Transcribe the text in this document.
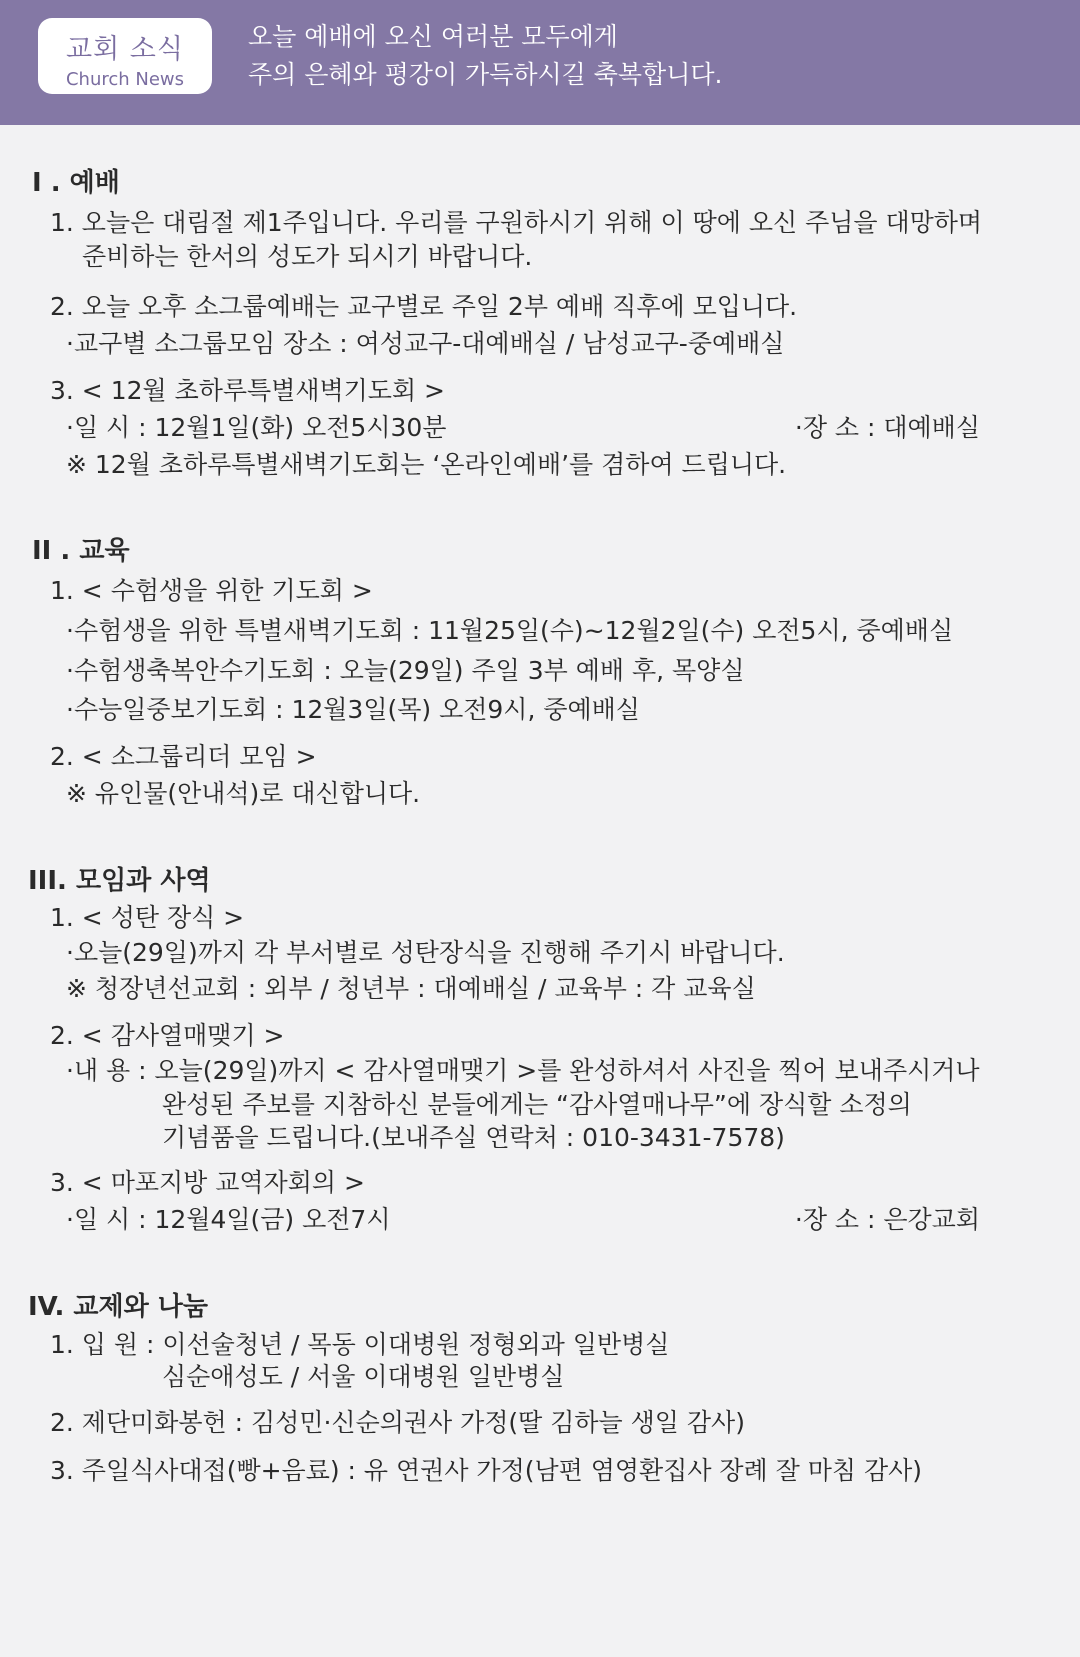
교회 소식
Church News
오늘 예배에 오신 여러분 모두에게
주의 은혜와 평강이 가득하시길 축복합니다.
I . 예배
1. 오늘은 대림절 제1주입니다. 우리를 구원하시기 위해 이 땅에 오신 주님을 대망하며
준비하는 한서의 성도가 되시기 바랍니다.
2. 오늘 오후 소그룹예배는 교구별로 주일 2부 예배 직후에 모입니다.
·교구별 소그룹모임 장소 : 여성교구-대예배실 / 남성교구-중예배실
3. < 12월 초하루특별새벽기도회 >
·일 시 : 12월1일(화) 오전5시30분	·장 소 : 대예배실
※ 12월 초하루특별새벽기도회는 ‘온라인예배’를 겸하여 드립니다.
II . 교육
1. < 수험생을 위한 기도회 >
·수험생을 위한 특별새벽기도회 : 11월25일(수)~12월2일(수) 오전5시, 중예배실
·수험생축복안수기도회 : 오늘(29일) 주일 3부 예배 후, 목양실
·수능일중보기도회 : 12월3일(목) 오전9시, 중예배실
2. < 소그룹리더 모임 >
※ 유인물(안내석)로 대신합니다.
III. 모임과 사역
1. < 성탄 장식 >
·오늘(29일)까지 각 부서별로 성탄장식을 진행해 주기시 바랍니다.
※ 청장년선교회 : 외부 / 청년부 : 대예배실 / 교육부 : 각 교육실
2. < 감사열매맺기 >
·내 용 : 오늘(29일)까지 < 감사열매맺기 >를 완성하셔서 사진을 찍어 보내주시거나
완성된 주보를 지참하신 분들에게는 “감사열매나무”에 장식할 소정의
기념품을 드립니다.(보내주실 연락처 : 010-3431-7578)
3. < 마포지방 교역자회의 >
·일 시 : 12월4일(금) 오전7시	·장 소 : 은강교회
IV. 교제와 나눔
1. 입 원 : 이선술청년 / 목동 이대병원 정형외과 일반병실
심순애성도 / 서울 이대병원 일반병실
2. 제단미화봉헌 : 김성민·신순의권사 가정(딸 김하늘 생일 감사)
3. 주일식사대접(빵+음료) : 유 연권사 가정(남편 염영환집사 장례 잘 마침 감사)
